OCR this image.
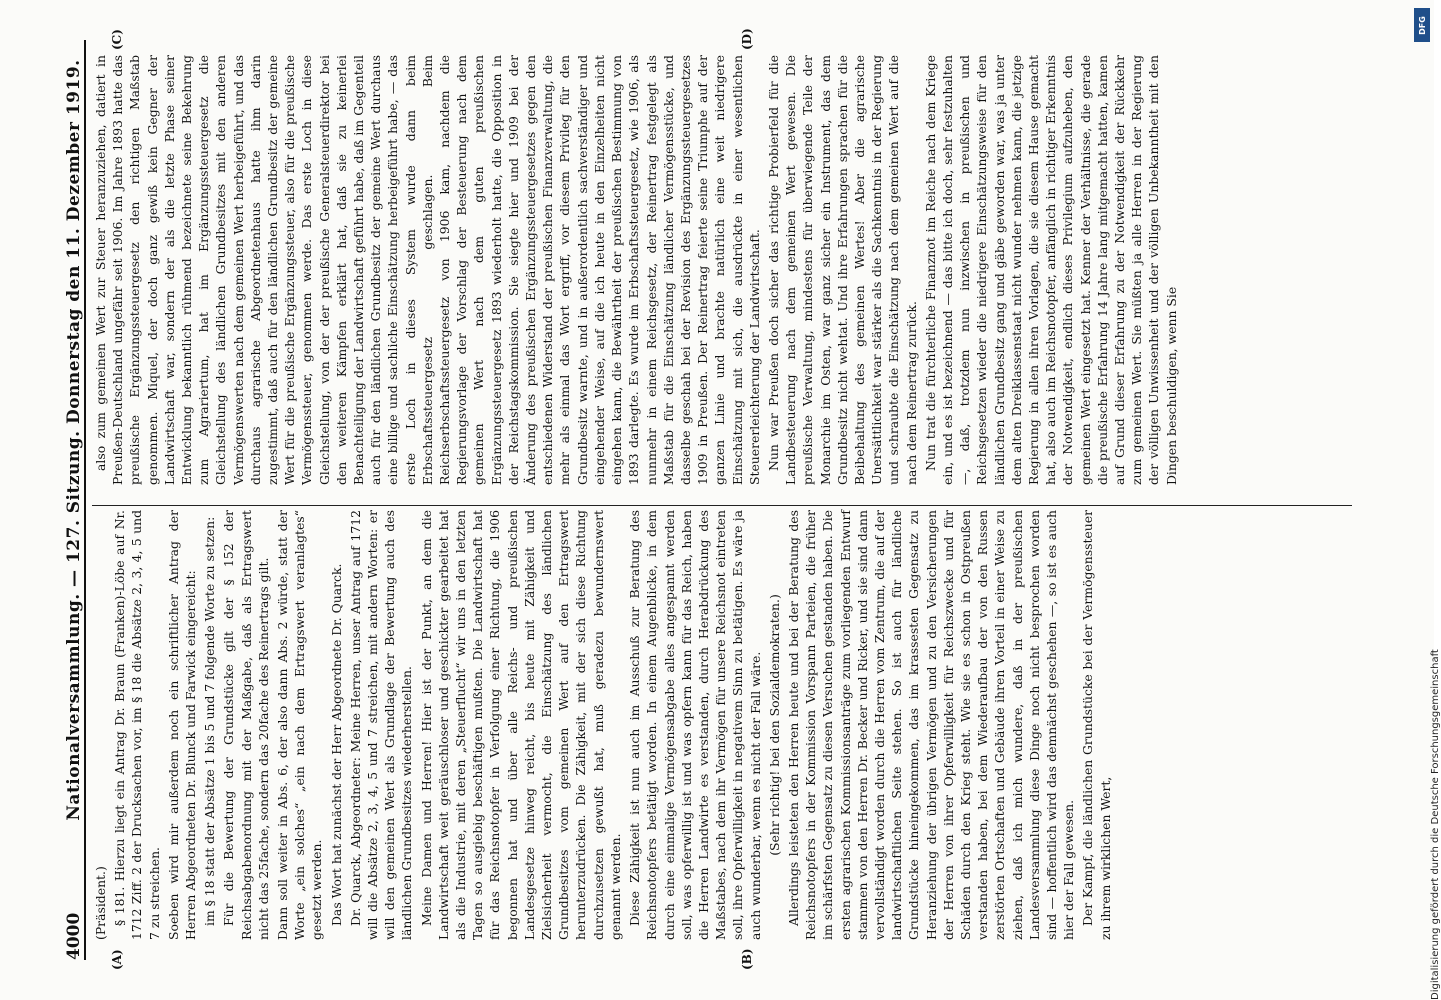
4000
Nationalversammlung. — 127. Sitzung. Donnerstag den 11. Dezember 1919.
(A)	(B)
(C)	(D)

(Präsident.) § 181. Hierzu liegt ein Antrag Dr. Braun (Franken)-Löbe auf Nr. 1712 Ziff. 2 der Drucksachen vor, im § 18 die Absätze 2, 3, 4, 5 und 7 zu streichen. Soeben wird mir außerdem noch ein schriftlicher Antrag der Herren Abgeordneten Dr. Blunck und Farwick eingereicht: im § 18 statt der Absätze 1 bis 5 und 7 folgende Worte zu setzen: Für die Bewertung der Grundstücke gilt der § 152 der Reichsabgabenordnung mit der Maßgabe, daß als Ertragswert nicht das 25fache, sondern das 20fache des Reinertrags gilt. Dann soll weiter in Abs. 6, der also dann Abs. 2 würde, statt der Worte „ein solches“ „ein nach dem Ertragswert veranlagtes“ gesetzt werden. Das Wort hat zunächst der Herr Abgeordnete Dr. Quarck. Dr. Quarck, Abgeordneter: Meine Herren, unser Antrag auf 1712 will die Absätze 2, 3, 4, 5 und 7 streichen, mit andern Worten: er will den gemeinen Wert als Grundlage der Bewertung auch des ländlichen Grundbesitzes wiederherstellen. Meine Damen und Herren! Hier ist der Punkt, an dem die Landwirtschaft weit geräuschloser und geschickter gearbeitet hat als die Industrie, mit deren „Steuerflucht“ wir uns in den letzten Tagen so ausgiebig beschäftigen mußten. Die Landwirtschaft hat für das Reichsnotopfer in Verfolgung einer Richtung, die 1906 begonnen hat und über alle Reichs- und preußischen Landesgesetze hinweg reicht, bis heute mit Zähigkeit und Zielsicherheit vermocht, die Einschätzung des ländlichen Grundbesitzes vom gemeinen Wert auf den Ertragswert herunterzudrücken. Die Zähigkeit, mit der sich diese Richtung durchzusetzen gewußt hat, muß geradezu bewundernswert genannt werden. Diese Zähigkeit ist nun auch im Ausschuß zur Beratung des Reichsnotopfers betätigt worden. In einem Augenblicke, in dem durch eine einmalige Vermögensabgabe alles angespannt werden soll, was opferwillig ist und was opfern kann für das Reich, haben die Herren Landwirte es verstanden, durch Herabdrückung des Maßstabes, nach dem ihr Vermögen für unsere Reichsnot eintreten soll, ihre Opferwilligkeit in negativem Sinn zu betätigen. Es wäre ja auch wunderbar, wenn es nicht der Fall wäre. (Sehr richtig! bei den Sozialdemokraten.) Allerdings leisteten den Herren heute und bei der Beratung des Reichsnotopfers in der Kommission Vorspann Parteien, die früher im schärfsten Gegensatz zu diesen Versuchen gestanden haben. Die ersten agrarischen Kommissionsanträge zum vorliegenden Entwurf stammen von den Herren Dr. Becker und Ricker, und sie sind dann vervollständigt worden durch die Herren vom Zentrum, die auf der landwirtschaftlichen Seite stehen. So ist auch für ländliche Grundstücke hineingekommen, das im krassesten Gegensatz zu Heranziehung der übrigen Vermögen und zu den Versicherungen der Herren von ihrer Opferwilligkeit für Reichszwecke und für Schäden durch den Krieg steht. Wie sie es schon in Ostpreußen verstanden haben, bei dem Wiederaufbau der von den Russen zerstörten Ortschaften und Gebäude ihren Vorteil in einer Weise zu ziehen, daß ich mich wundere, daß in der preußischen Landesversammlung diese Dinge noch nicht besprochen worden sind — hoffentlich wird das demnächst geschehen —, so ist es auch hier der Fall gewesen. Der Kampf, die ländlichen Grundstücke bei der Vermögenssteuer zu ihrem wirklichen Wert,

also zum gemeinen Wert zur Steuer heranzuziehen, datiert in Preußen-Deutschland ungefähr seit 1906. Im Jahre 1893 hatte das preußische Ergänzungssteuergesetz den richtigen Maßstab genommen. Miquel, der doch ganz gewiß kein Gegner der Landwirtschaft war, sondern der als die letzte Phase seiner Entwicklung bekanntlich rühmend bezeichnete seine Bekehrung zum Agrariertum, hat im Ergänzungssteuergesetz die Gleichstellung des ländlichen Grundbesitzes mit den anderen Vermögenswerten nach dem gemeinen Wert herbeigeführt, und das durchaus agrarische Abgeordnetenhaus hatte ihm darin zugestimmt, daß auch für den ländlichen Grundbesitz der gemeine Wert für die preußische Ergänzungssteuer, also für die preußische Vermögenssteuer, genommen werde. Das erste Loch in diese Gleichstellung, von der der preußische Generalsteuerdirektor bei den weiteren Kämpfen erklärt hat, daß sie zu keinerlei Benachteiligung der Landwirtschaft geführt habe, daß im Gegenteil auch für den ländlichen Grundbesitz der gemeine Wert durchaus eine billige und sachliche Einschätzung herbeigeführt habe, — das erste Loch in dieses System wurde dann beim Erbschaftssteuergesetz geschlagen. Beim Reichserbschaftssteuergesetz von 1906 kam, nachdem die Regierungsvorlage der Vorschlag der Besteuerung nach dem gemeinen Wert nach dem guten preußischen Ergänzungssteuergesetz 1893 wiederholt hatte, die Opposition in der Reichstagskommission. Sie siegte hier und 1909 bei der Änderung des preußischen Ergänzungssteuergesetzes gegen den entschiedenen Widerstand der preußischen Finanzverwaltung, die mehr als einmal das Wort ergriff, vor diesem Privileg für den Grundbesitz warnte, und in außerordentlich sachverständiger und eingehender Weise, auf die ich heute in den Einzelheiten nicht eingehen kann, die Bewährtheit der preußischen Bestimmung von 1893 darlegte. Es wurde im Erbschaftssteuergesetz, wie 1906, als nunmehr in einem Reichsgesetz, der Reinertrag festgelegt als Maßstab für die Einschätzung ländlicher Vermögensstücke, und dasselbe geschah bei der Revision des Ergänzungssteuergesetzes 1909 in Preußen. Der Reinertrag feierte seine Triumphe auf der ganzen Linie und brachte natürlich eine weit niedrigere Einschätzung mit sich, die ausdrückte in einer wesentlichen Steuererleichterung der Landwirtschaft. Nun war Preußen doch sicher das richtige Probierfeld für die Landbesteuerung nach dem gemeinen Wert gewesen. Die preußische Verwaltung, mindestens für überwiegende Teile der Monarchie im Osten, war ganz sicher ein Instrument, das dem Grundbesitz nicht wehtat. Und ihre Erfahrungen sprachen für die Beibehaltung des gemeinen Wertes! Aber die agrarische Unersättlichkeit war stärker als die Sachkenntnis in der Regierung und schraubte die Einschätzung nach dem gemeinen Wert auf die nach dem Reinertrag zurück. Nun trat die fürchterliche Finanznot im Reiche nach dem Kriege ein, und es ist bezeichnend — das bitte ich doch, sehr festzuhalten —, daß, trotzdem nun inzwischen in preußischen und Reichsgesetzen wieder die niedrigere Einschätzungsweise für den ländlichen Grundbesitz gang und gäbe geworden war, was ja unter dem alten Dreiklassenstaat nicht wunder nehmen kann, die jetzige Regierung in allen ihren Vorlagen, die sie diesem Hause gemacht hat, also auch im Reichsnotopfer, anfänglich in richtiger Erkenntnis der Notwendigkeit, endlich dieses Privilegium aufzuheben, den gemeinen Wert eingesetzt hat. Kenner der Verhältnisse, die gerade die preußische Erfahrung 14 Jahre lang mitgemacht hatten, kamen auf Grund dieser Erfahrung zu der Notwendigkeit der Rückkehr zum gemeinen Wert. Sie müßten ja alle Herren in der Regierung der völligen Unwissenheit und der völligen Unbekanntheit mit den Dingen beschuldigen, wenn Sie

Digitalisierung gefördert durch die Deutsche Forschungsgemeinschaft
DFG
